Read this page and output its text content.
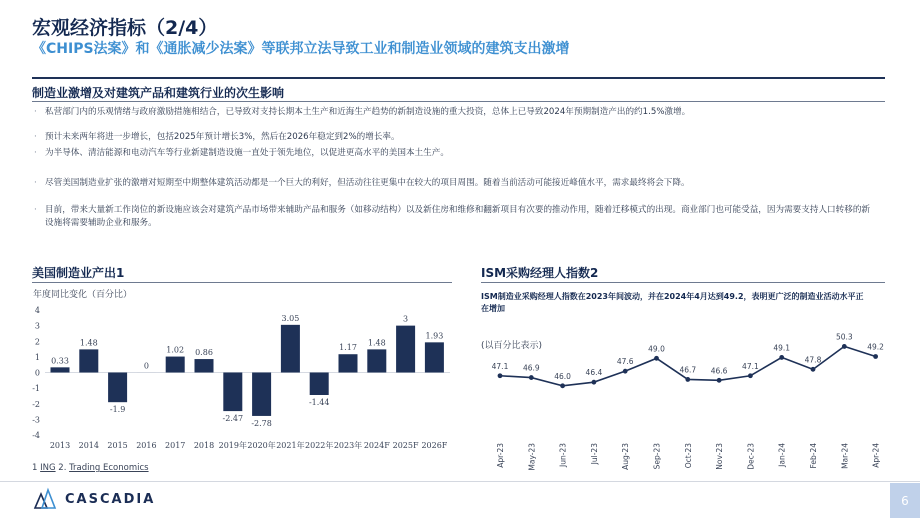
宏观经济指标（2/4）
《CHIPS法案》和《通胀减少法案》等联邦立法导致工业和制造业领域的建筑支出激增
制造业激增及对建筑产品和建筑行业的次生影响
· 私营部门内的乐观情绪与政府激励措施相结合，已导致对支持长期本土生产和近海生产趋势的新制造设施的重大投资，总体上已导致2024年预期制造产出的约1.5%激增。
· 预计未来两年将进一步增长，包括2025年预计增长3%，然后在2026年稳定到2%的增长率。
· 为半导体、清洁能源和电动汽车等行业新建制造设施一直处于领先地位，以促进更高水平的美国本土生产。
· 尽管美国制造业扩张的激增对短期至中期整体建筑活动都是一个巨大的利好，但活动往往更集中在较大的项目周围。随着当前活动可能接近峰值水平，需求最终将会下降。
· 目前，带来大量新工作岗位的新设施应该会对建筑产品市场带来辅助产品和服务（如移动结构）以及新住房和维修和翻新项目有次要的推动作用，随着迁移模式的出现。商业部门也可能受益，因为需要支持人口转移的新设施将需要辅助企业和服务。
美国制造业产出1
年度同比变化（百分比）
4
3
2
1
0
-1
-2
-3
-4
0.33
2013
1.48
2014
-1.9
2015
0
2016
1.02
2017
0.86
2018
-2.47
2019年
-2.78
2020年
3.05
2021年
-1.44
2022年
1.17
2023年
1.48
2024F
3
2025F
1.93
2026F
ISM采购经理人指数2
ISM制造业采购经理人指数在2023年间波动，并在2024年4月达到49.2，表明更广泛的制造业活动水平正在增加
(以百分比表示)
47.1
Apr-23
46.9
May-23
46.0
Jun-23
46.4
Jul-23
47.6
Aug-23
49.0
Sep-23
46.7
Oct-23
46.6
Nov-23
47.1
Dec-23
49.1
Jan-24
47.8
Feb-24
50.3
Mar-24
49.2
Apr-24
1 ING 2. Trading Economics
CASCADIA	6
